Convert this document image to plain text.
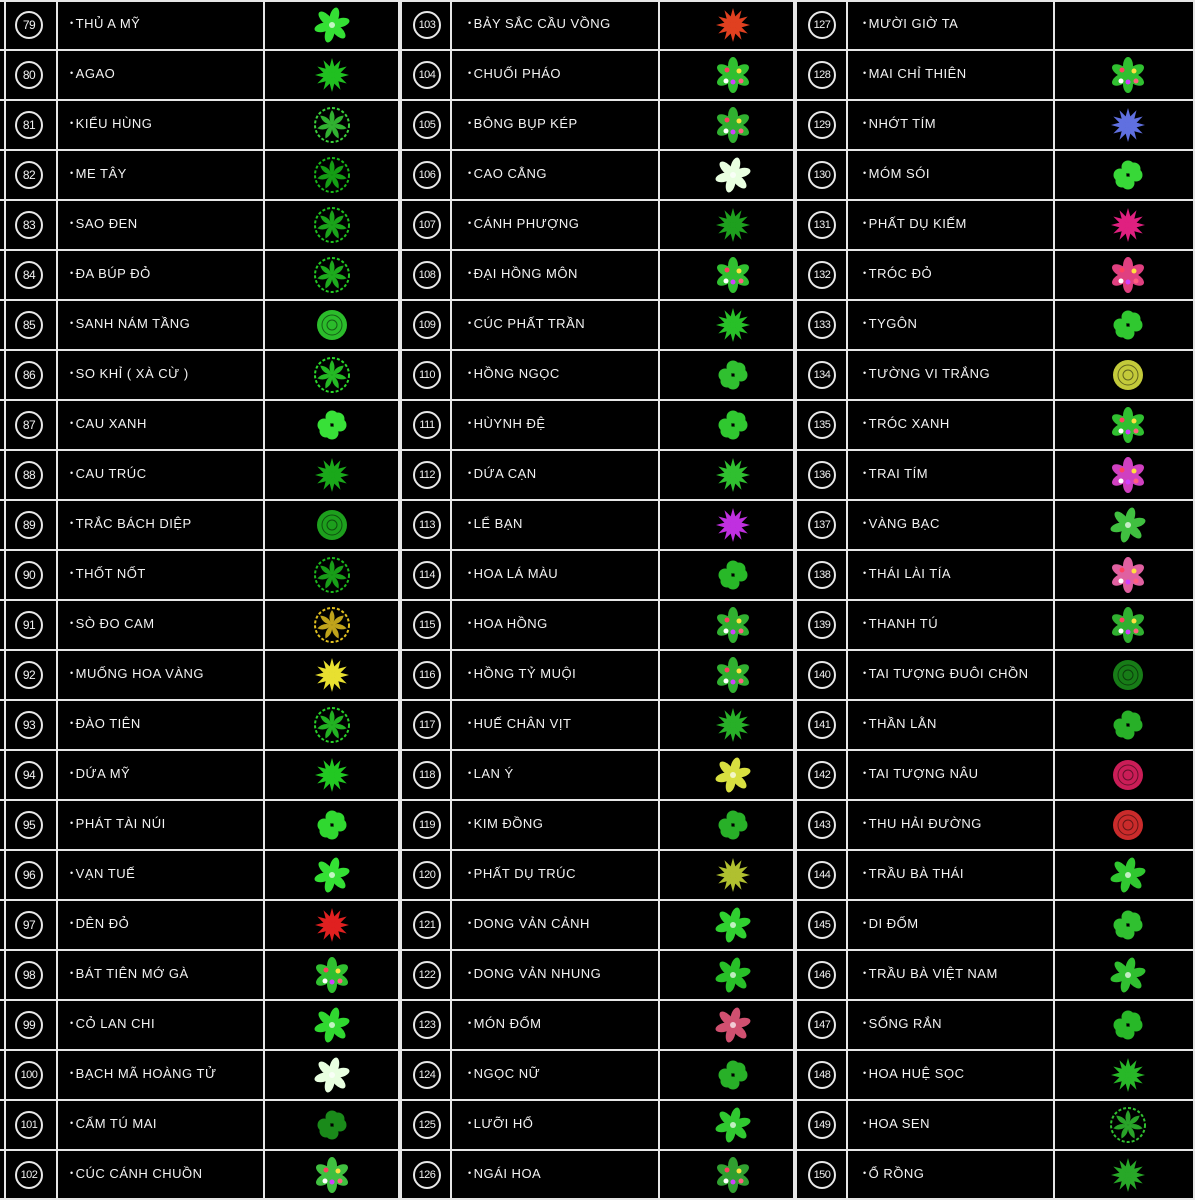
79	• THỦ A MỸ
80	• AGAO
81	• KIỂU HÙNG
82	• ME TÂY
83	• SAO ĐEN
84	• ĐA BÚP ĐỎ
85	• SANH NÁM TẦNG
86	• SO KHỈ ( XÀ CỪ )
87	• CAU XANH
88	• CAU TRÚC
89	• TRẮC BÁCH DIỆP
90	• THỐT NỐT
91	• SÒ ĐO CAM
92	• MUỐNG HOA VÀNG
93	• ĐÀO TIÊN
94	• DỨA MỸ
95	• PHÁT TÀI NÚI
96	• VẠN TUẾ
97	• DÊN ĐỎ
98	• BÁT TIÊN MỚ GÀ
99	• CỎ LAN CHI
100	• BẠCH MÃ HOÀNG TỬ
101	• CẨM TÚ MAI
102	• CÚC CÁNH CHUỒN
103	• BẢY SẮC CẦU VỒNG
104	• CHUỐI PHÁO
105	• BÔNG BỤP KÉP
106	• CAO CẲNG
107	• CÁNH PHƯỢNG
108	• ĐẠI HỒNG MÔN
109	• CÚC PHẤT TRẦN
110	• HỒNG NGỌC
111	• HÙYNH ĐỆ
112	• DỨA CẠN
113	• LỂ BẠN
114	• HOA LÁ MÀU
115	• HOA HỒNG
116	• HỒNG TỶ MUỘI
117	• HUẾ CHÂN VỊT
118	• LAN Ý
119	• KIM ĐỒNG
120	• PHẤT DỤ TRÚC
121	• DONG VẢN CẢNH
122	• DONG VẢN NHUNG
123	• MÓN ĐỐM
124	• NGỌC NỮ
125	• LƯỠI HỔ
126	• NGÁI HOA
127	• MƯỜI GIỜ TA
128	• MAI CHỈ THIÊN
129	• NHỚT TÍM
130	• MÓM SÓI
131	• PHẤT DỤ KIẾM
132	• TRÓC ĐỎ
133	• TYGÔN
134	• TƯỜNG VI TRẮNG
135	• TRÓC XANH
136	• TRAI TÍM
137	• VÀNG BẠC
138	• THÁI LÀI TÍA
139	• THANH TÚ
140	• TAI TƯỢNG ĐUÔI CHỒN
141	• THẦN LẰN
142	• TAI TƯỢNG NÂU
143	• THU HẢI ĐƯỜNG
144	• TRẦU BÀ THÁI
145	• DI ĐỐM
146	• TRẦU BÀ VIỆT NAM
147	• SỐNG RẮN
148	• HOA HUỆ SỌC
149	• HOA SEN
150	• Ổ RỒNG
